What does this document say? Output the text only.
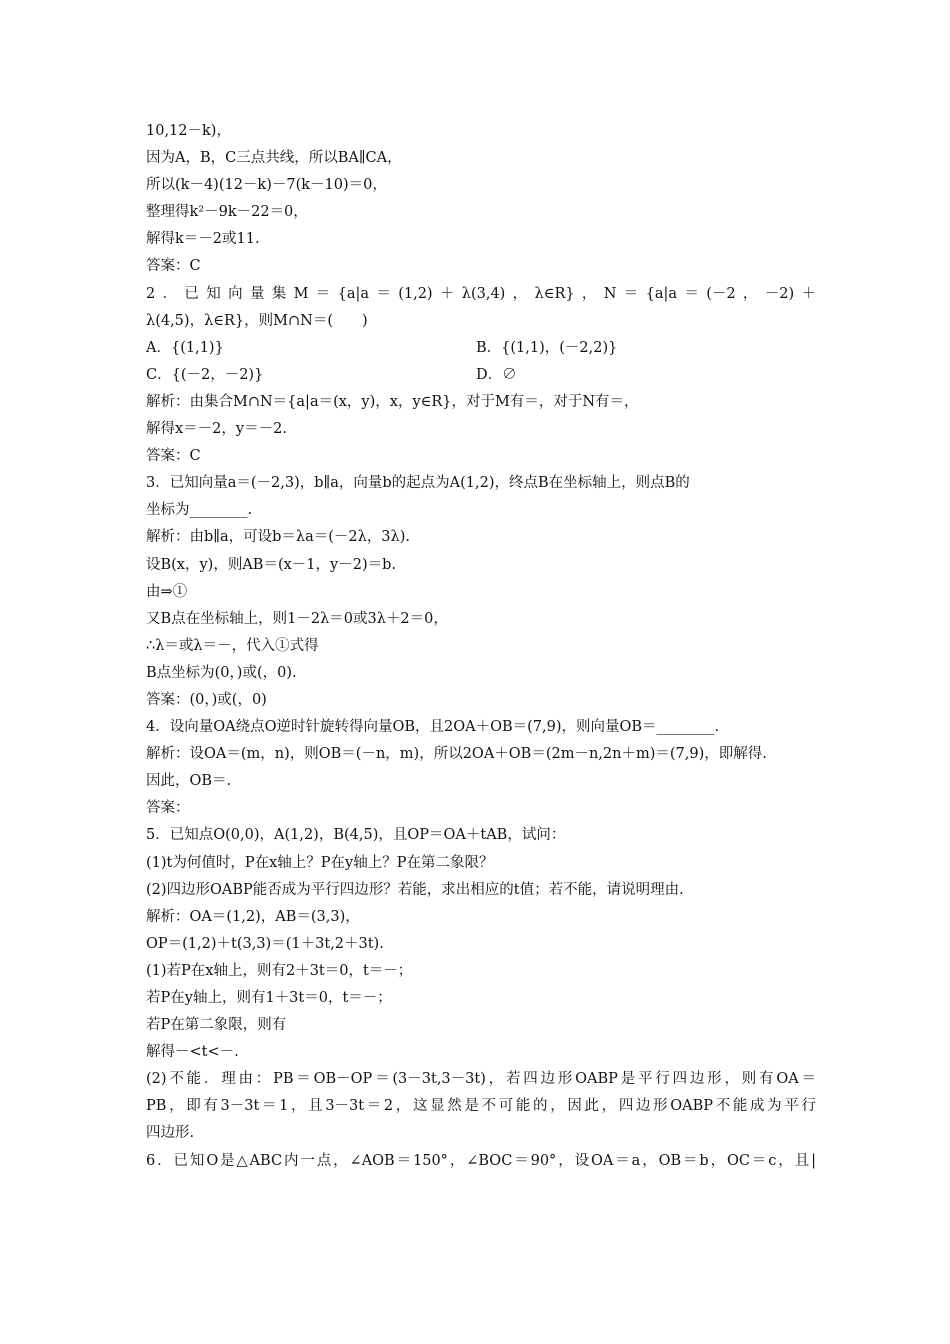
10,12－k)，
因为A，B，C三点共线，所以BA∥CA，
所以(k－4)(12－k)－7(k－10)＝0，
整理得k²－9k－22＝0，
解得k＝－2或11.
答案：C
2．已知向量集M＝{a|a＝(1,2)＋λ(3,4)，λ∈R}，N＝{a|a＝(－2，－2)＋
λ(4,5)，λ∈R}，则M∩N＝(　　)
A．{(1,1)}	B．{(1,1)，(－2,2)}
C．{(－2，－2)}	D．∅
解析：由集合M∩N＝{a|a＝(x，y)，x，y∈R}，对于M有＝，对于N有＝，
解得x＝－2，y＝－2.
答案：C
3．已知向量a＝(－2,3)，b∥a，向量b的起点为A(1,2)，终点B在坐标轴上，则点B的
坐标为________.
解析：由b∥a，可设b＝λa＝(－2λ，3λ).
设B(x，y)，则AB＝(x－1，y－2)＝b.
由⇒①
又B点在坐标轴上，则1－2λ＝0或3λ＋2＝0，
∴λ＝或λ＝－，代入①式得
B点坐标为(0，)或(，0).
答案：(0，)或(，0)
4．设向量OA绕点O逆时针旋转得向量OB，且2OA＋OB＝(7,9)，则向量OB＝________.
解析：设OA＝(m，n)，则OB＝(－n，m)，所以2OA＋OB＝(2m－n,2n＋m)＝(7,9)，即解得.
因此，OB＝.
答案：
5．已知点O(0,0)，A(1,2)，B(4,5)，且OP＝OA＋tAB，试问：
(1)t为何值时，P在x轴上？P在y轴上？P在第二象限？
(2)四边形OABP能否成为平行四边形？若能，求出相应的t值；若不能，请说明理由.
解析：OA＝(1,2)，AB＝(3,3)，
OP＝(1,2)＋t(3,3)＝(1＋3t,2＋3t).
(1)若P在x轴上，则有2＋3t＝0，t＝－；
若P在y轴上，则有1＋3t＝0，t＝－；
若P在第二象限，则有
解得－<t<－.
(2)不能．理由：PB＝OB－OP＝(3－3t,3－3t)，若四边形OABP是平行四边形，则有OA＝
PB，即有3－3t＝1，且3－3t＝2，这显然是不可能的，因此，四边形OABP不能成为平行
四边形.
6．已知O是△ABC内一点，∠AOB＝150°，∠BOC＝90°，设OA＝a，OB＝b，OC＝c，且|
